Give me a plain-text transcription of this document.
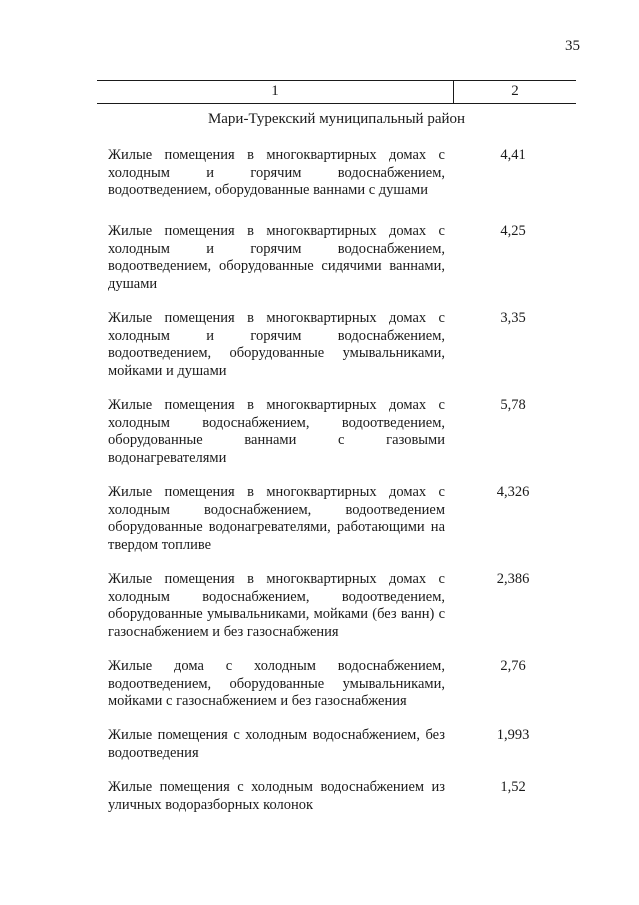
35
1	2
Мари-Турекский муниципальный район
Жилые помещения в многоквартирных домах с холодным и горячим водоснабжением, водоотведением, оборудованные ваннами с душами
4,41
Жилые помещения в многоквартирных домах с холодным и горячим водоснабжением, водоотведением, оборудованные сидячими ваннами, душами
4,25
Жилые помещения в многоквартирных домах с холодным и горячим водоснабжением, водоотведением, оборудованные умывальниками, мойками и душами
3,35
Жилые помещения в многоквартирных домах с холодным водоснабжением, водоотведением, оборудованные ваннами с газовыми водонагревателями
5,78
Жилые помещения в многоквартирных домах с холодным водоснабжением, водоотведением оборудованные водонагревателями, работающими на твердом топливе
4,326
Жилые помещения в многоквартирных домах с холодным водоснабжением, водоотведением, оборудованные умывальниками, мойками (без ванн) с газоснабжением и без газоснабжения
2,386
Жилые дома с холодным водоснабжением, водоотведением, оборудованные умывальниками, мойками с газоснабжением и без газоснабжения
2,76
Жилые помещения с холодным водоснабжением, без водоотведения
1,993
Жилые помещения с холодным водоснабжением из уличных водоразборных колонок
1,52
